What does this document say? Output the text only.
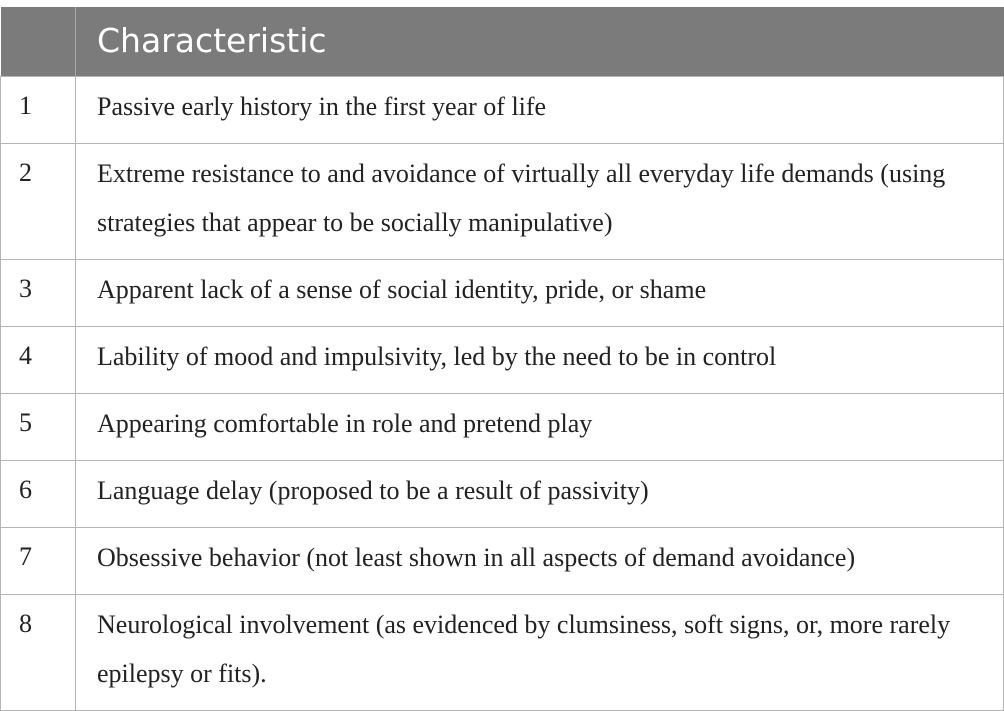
	Characteristic
1	Passive early history in the first year of life

2	Extreme resistance to and avoidance of virtually all everyday life demands (using strategies that appear to be socially manipulative)

3	Apparent lack of a sense of social identity, pride, or shame

4	Lability of mood and impulsivity, led by the need to be in control

5	Appearing comfortable in role and pretend play

6	Language delay (proposed to be a result of passivity)

7	Obsessive behavior (not least shown in all aspects of demand avoidance)

8	Neurological involvement (as evidenced by clumsiness, soft signs, or, more rarely epilepsy or fits).
